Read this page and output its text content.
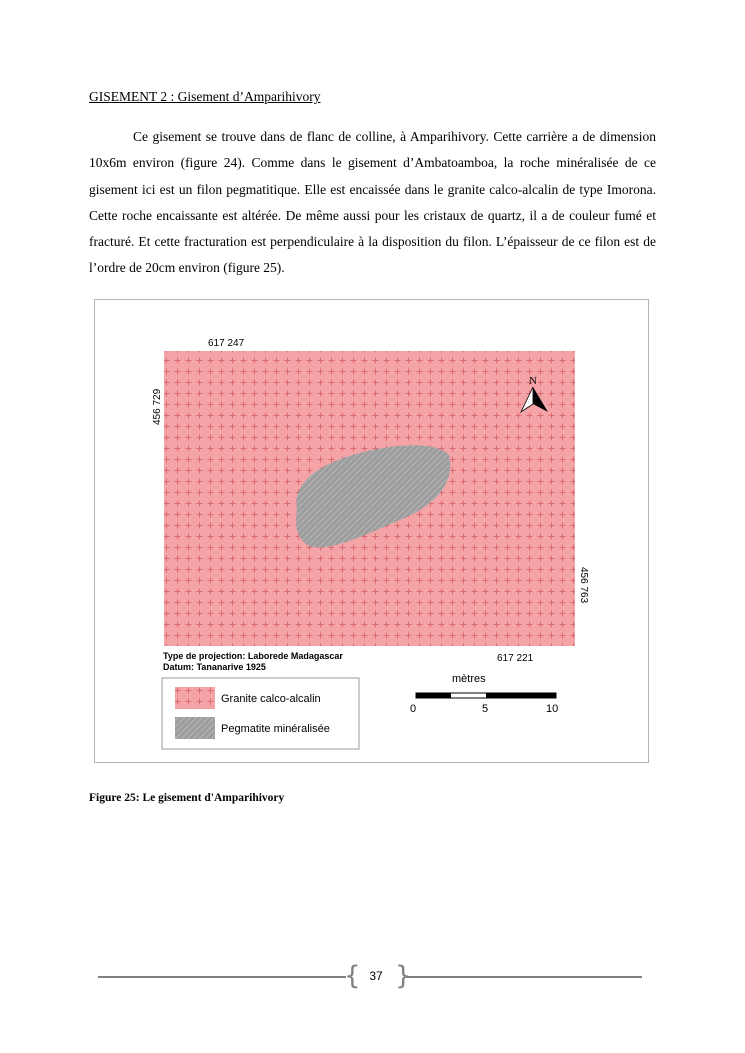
GISEMENT 2 : Gisement d’Amparihivory

Ce gisement se trouve dans de flanc de colline, à Amparihivory. Cette carrière a de dimension 10x6m environ (figure 24). Comme dans le gisement d’Ambatoamboa, la roche minéralisée de ce gisement ici est un filon pegmatitique. Elle est encaissée dans le granite calco-alcalin de type Imorona. Cette roche encaissante est altérée. De même aussi pour les cristaux de quartz, il a de couleur fumé et fracturé. Et cette fracturation est perpendiculaire à la disposition du filon. L’épaisseur de ce filon est de l’ordre de 20cm environ (figure 25).

617 247
456 729
456 763
617 221
N
Type de projection: Laborede Madagascar
Datum: Tananarive 1925
Granite calco-alcalin
Pegmatite minéralisée
mètres
0	5	10
Figure 25: Le gisement d'Amparihivory
{ }
37
